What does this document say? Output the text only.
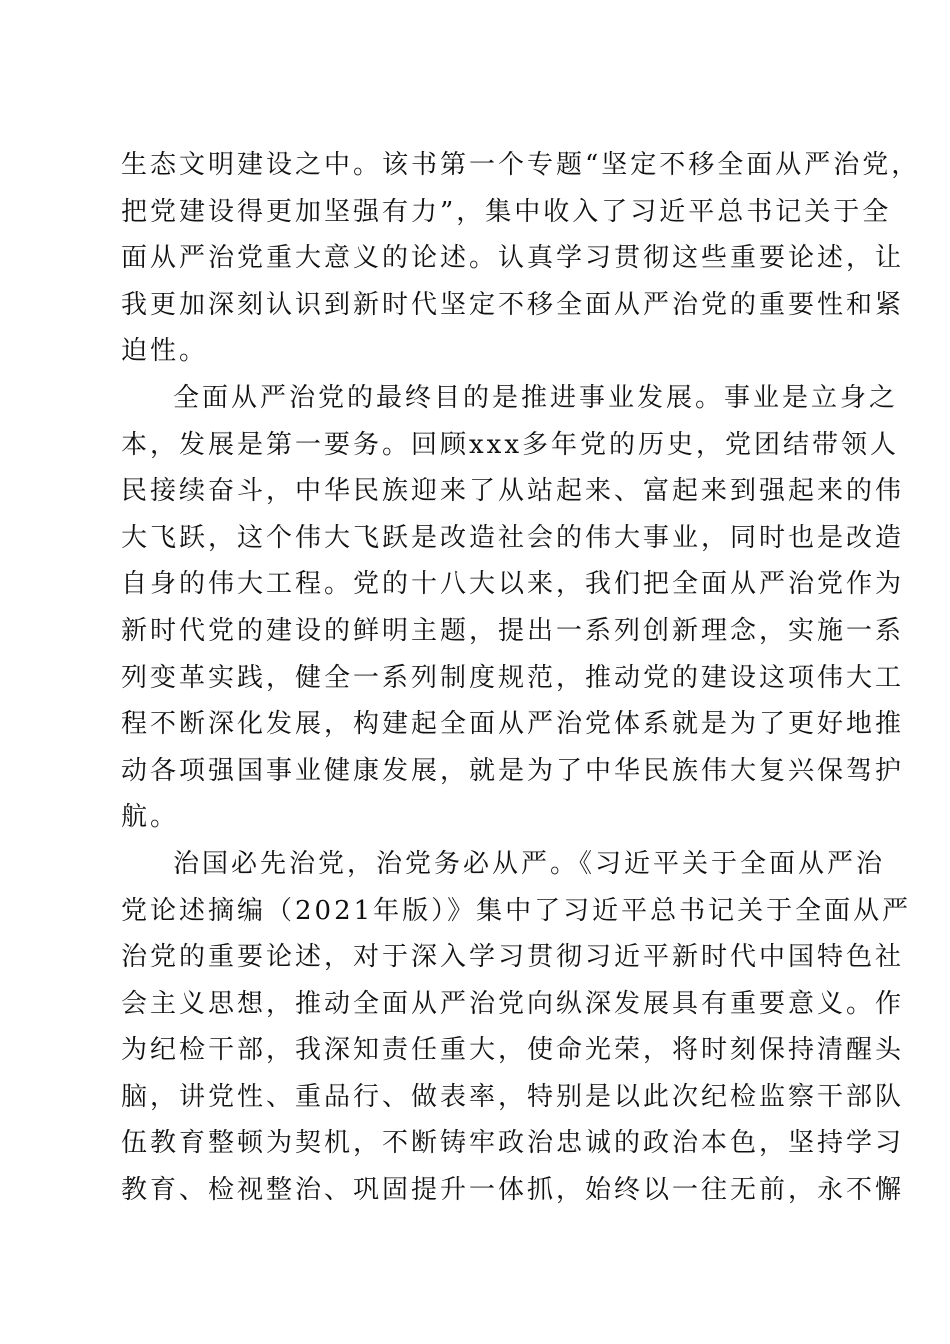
生态文明建设之中。该书第一个专题“坚定不移全面从严治党，
把党建设得更加坚强有力”，集中收入了习近平总书记关于全
面从严治党重大意义的论述。认真学习贯彻这些重要论述，让
我更加深刻认识到新时代坚定不移全面从严治党的重要性和紧
迫性。
全面从严治党的最终目的是推进事业发展。事业是立身之
本，发展是第一要务。回顾xxx多年党的历史，党团结带领人
民接续奋斗，中华民族迎来了从站起来、富起来到强起来的伟
大飞跃，这个伟大飞跃是改造社会的伟大事业，同时也是改造
自身的伟大工程。党的十八大以来，我们把全面从严治党作为
新时代党的建设的鲜明主题，提出一系列创新理念，实施一系
列变革实践，健全一系列制度规范，推动党的建设这项伟大工
程不断深化发展，构建起全面从严治党体系就是为了更好地推
动各项强国事业健康发展，就是为了中华民族伟大复兴保驾护
航。
治国必先治党，治党务必从严。《习近平关于全面从严治
党论述摘编（2021年版）》集中了习近平总书记关于全面从严
治党的重要论述，对于深入学习贯彻习近平新时代中国特色社
会主义思想，推动全面从严治党向纵深发展具有重要意义。作
为纪检干部，我深知责任重大，使命光荣，将时刻保持清醒头
脑，讲党性、重品行、做表率，特别是以此次纪检监察干部队
伍教育整顿为契机，不断铸牢政治忠诚的政治本色，坚持学习
教育、检视整治、巩固提升一体抓，始终以一往无前，永不懈
